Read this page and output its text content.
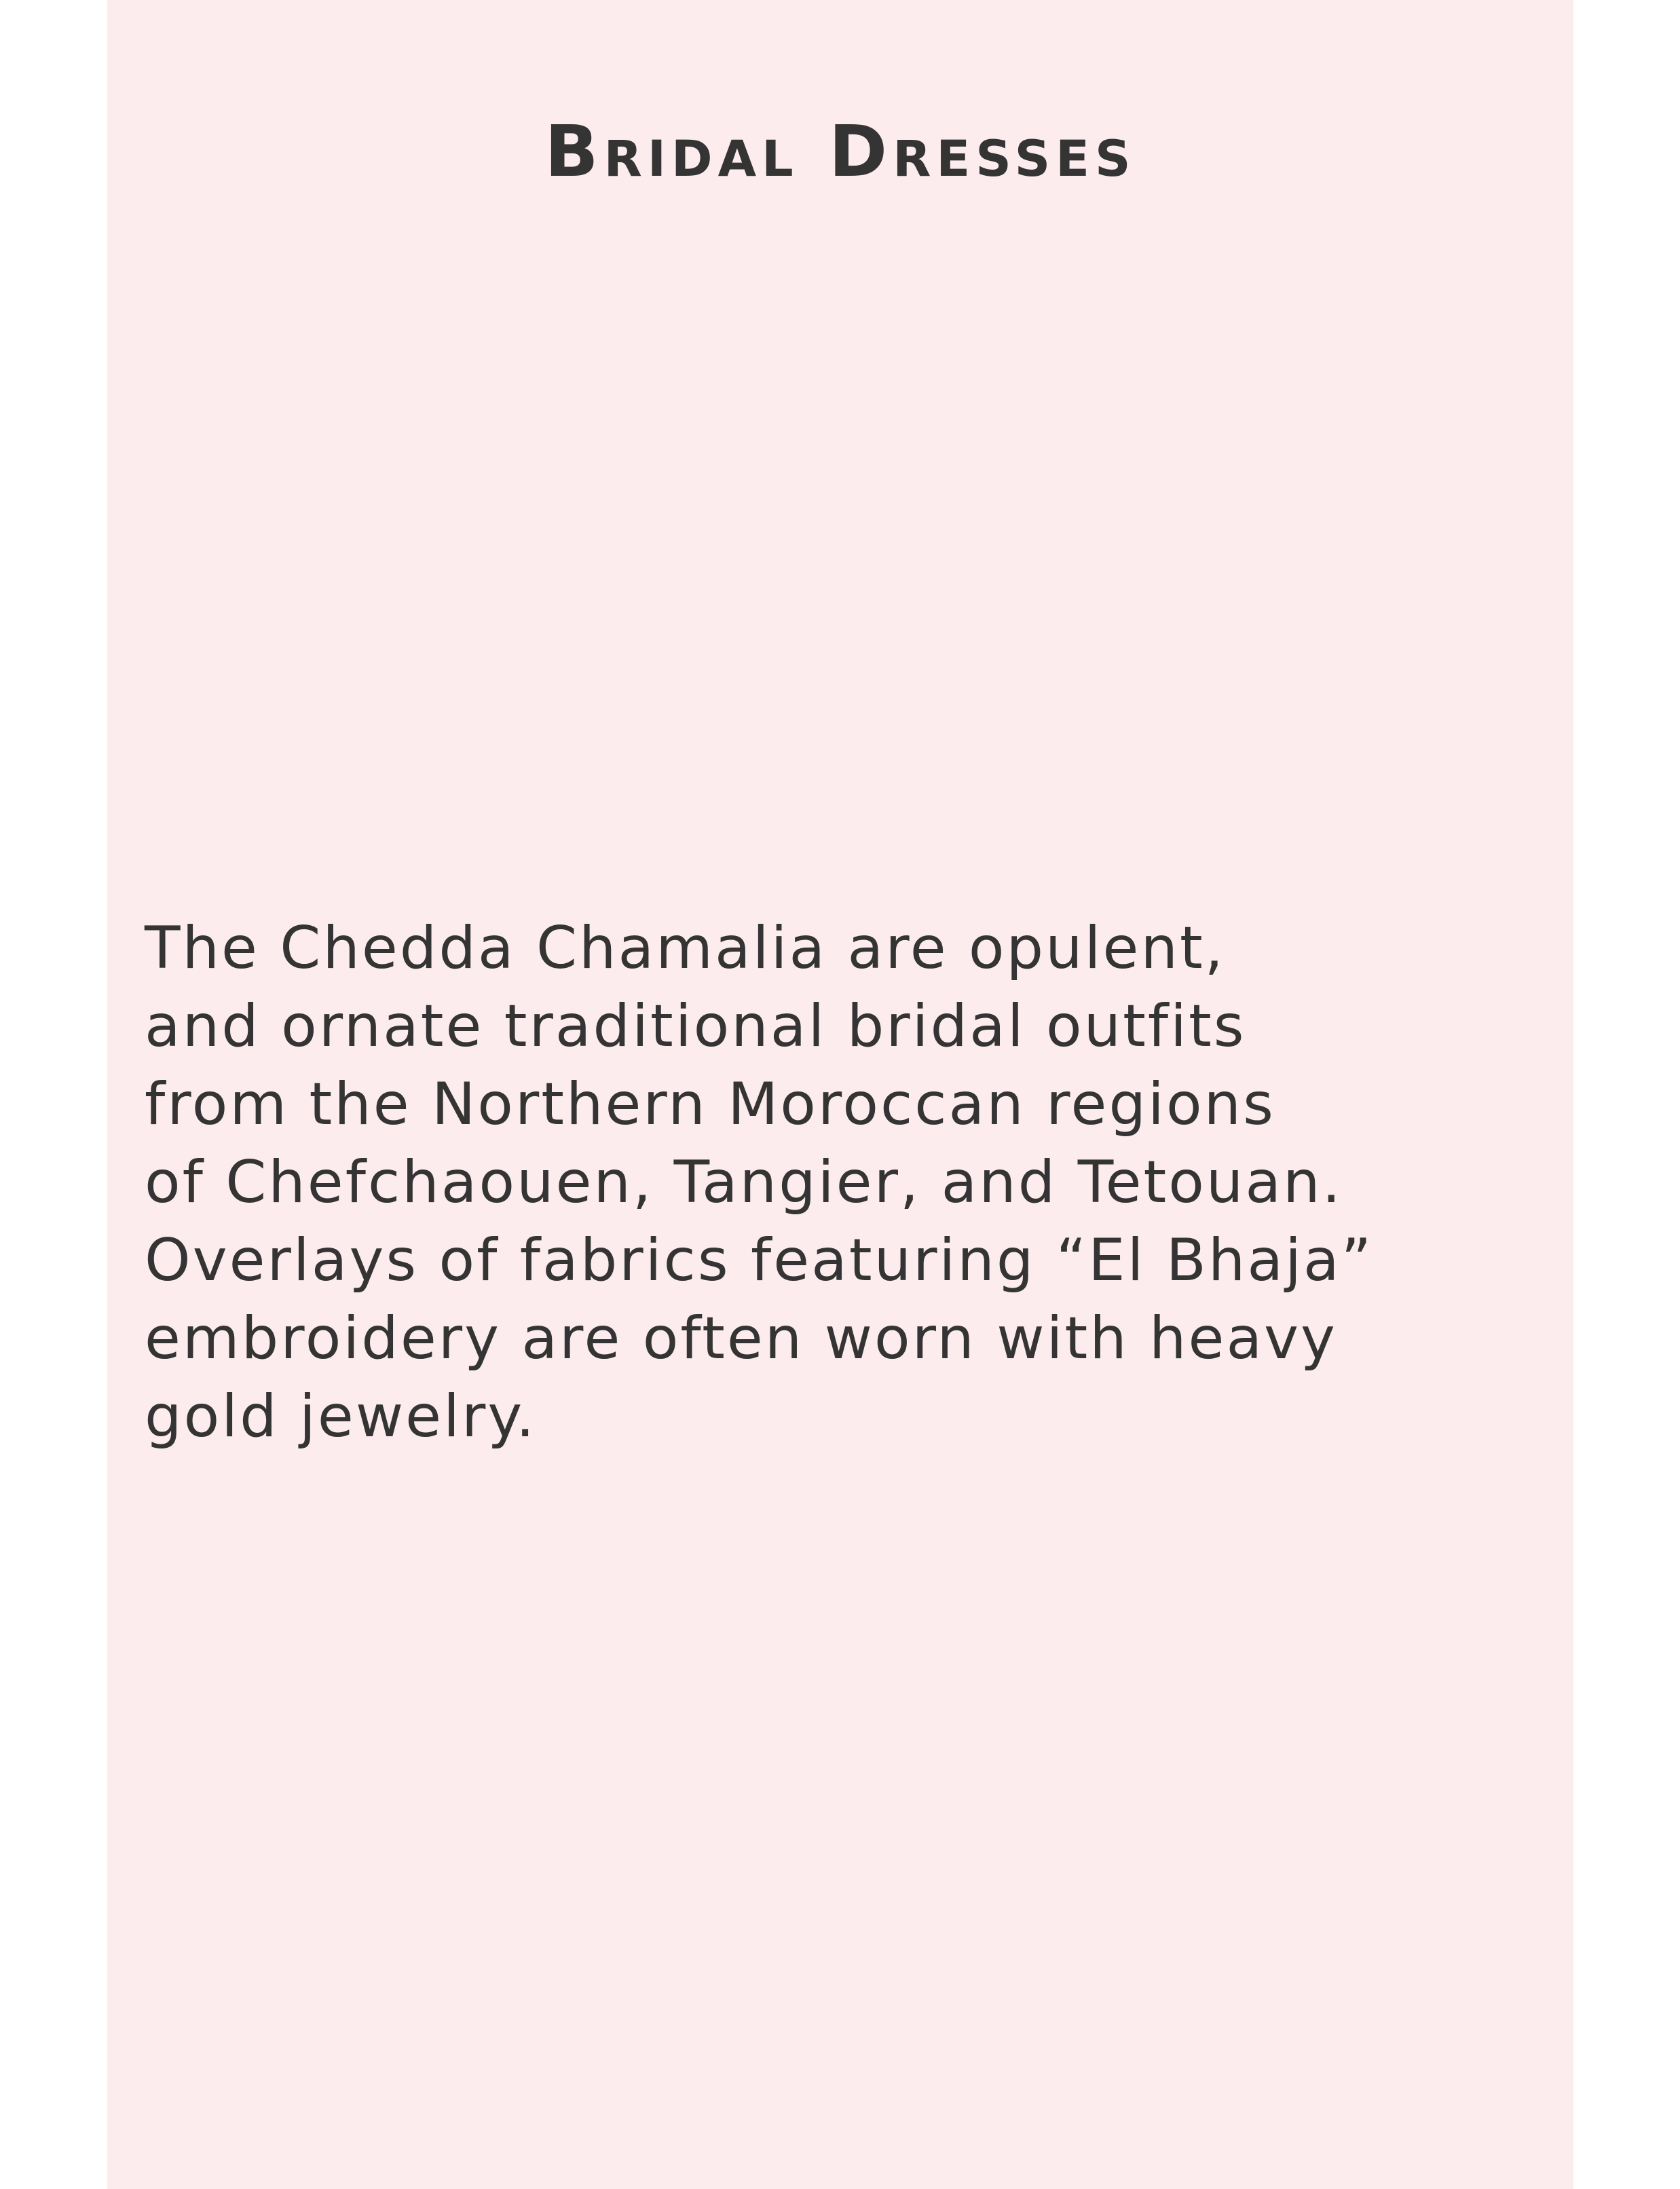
Bridal Dresses

The Chedda Chamalia are opulent,
and ornate traditional bridal outfits
from the Northern Moroccan regions
of Chefchaouen, Tangier, and Tetouan.
Overlays of fabrics featuring “El Bhaja”
embroidery are often worn with heavy
gold jewelry.
